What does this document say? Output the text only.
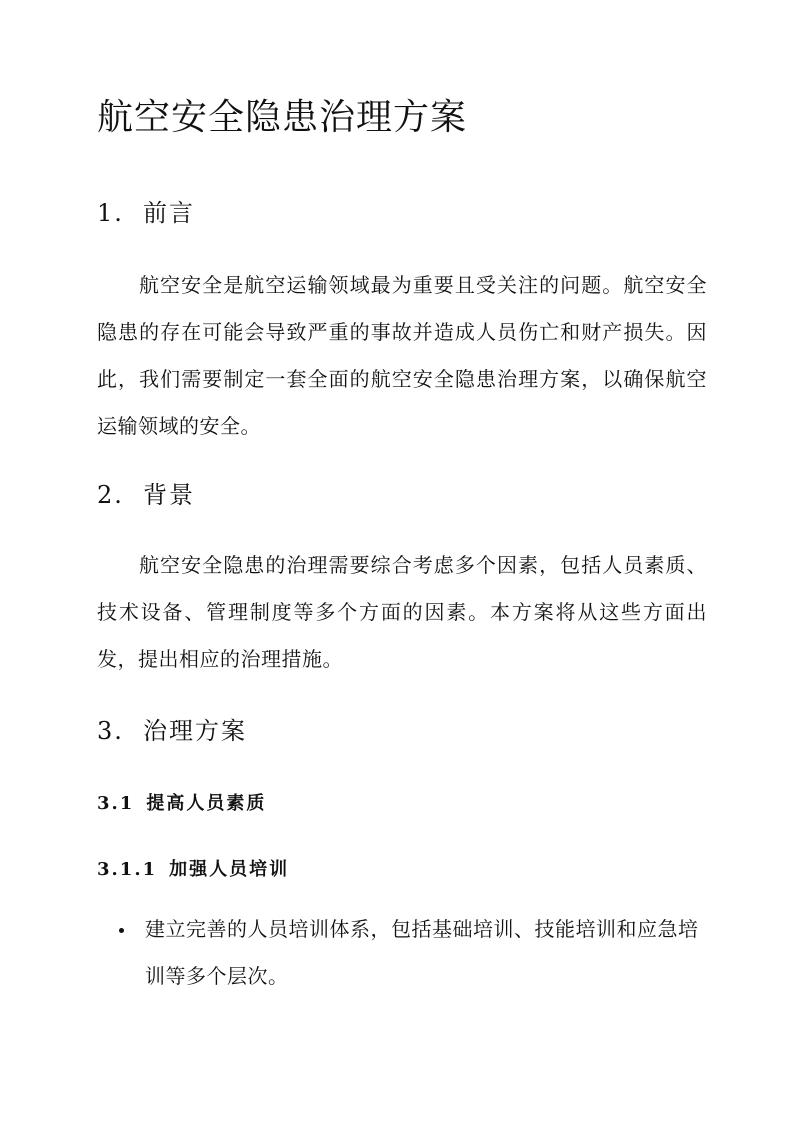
航空安全隐患治理方案
1. 前言

航空安全是航空运输领域最为重要且受关注的问题。航空安全隐患的存在可能会导致严重的事故并造成人员伤亡和财产损失。因此，我们需要制定一套全面的航空安全隐患治理方案，以确保航空运输领域的安全。

2. 背景

航空安全隐患的治理需要综合考虑多个因素，包括人员素质、技术设备、管理制度等多个方面的因素。本方案将从这些方面出发，提出相应的治理措施。

3. 治理方案
3.1 提高人员素质
3.1.1 加强人员培训
建立完善的人员培训体系，包括基础培训、技能培训和应急培训等多个层次。
